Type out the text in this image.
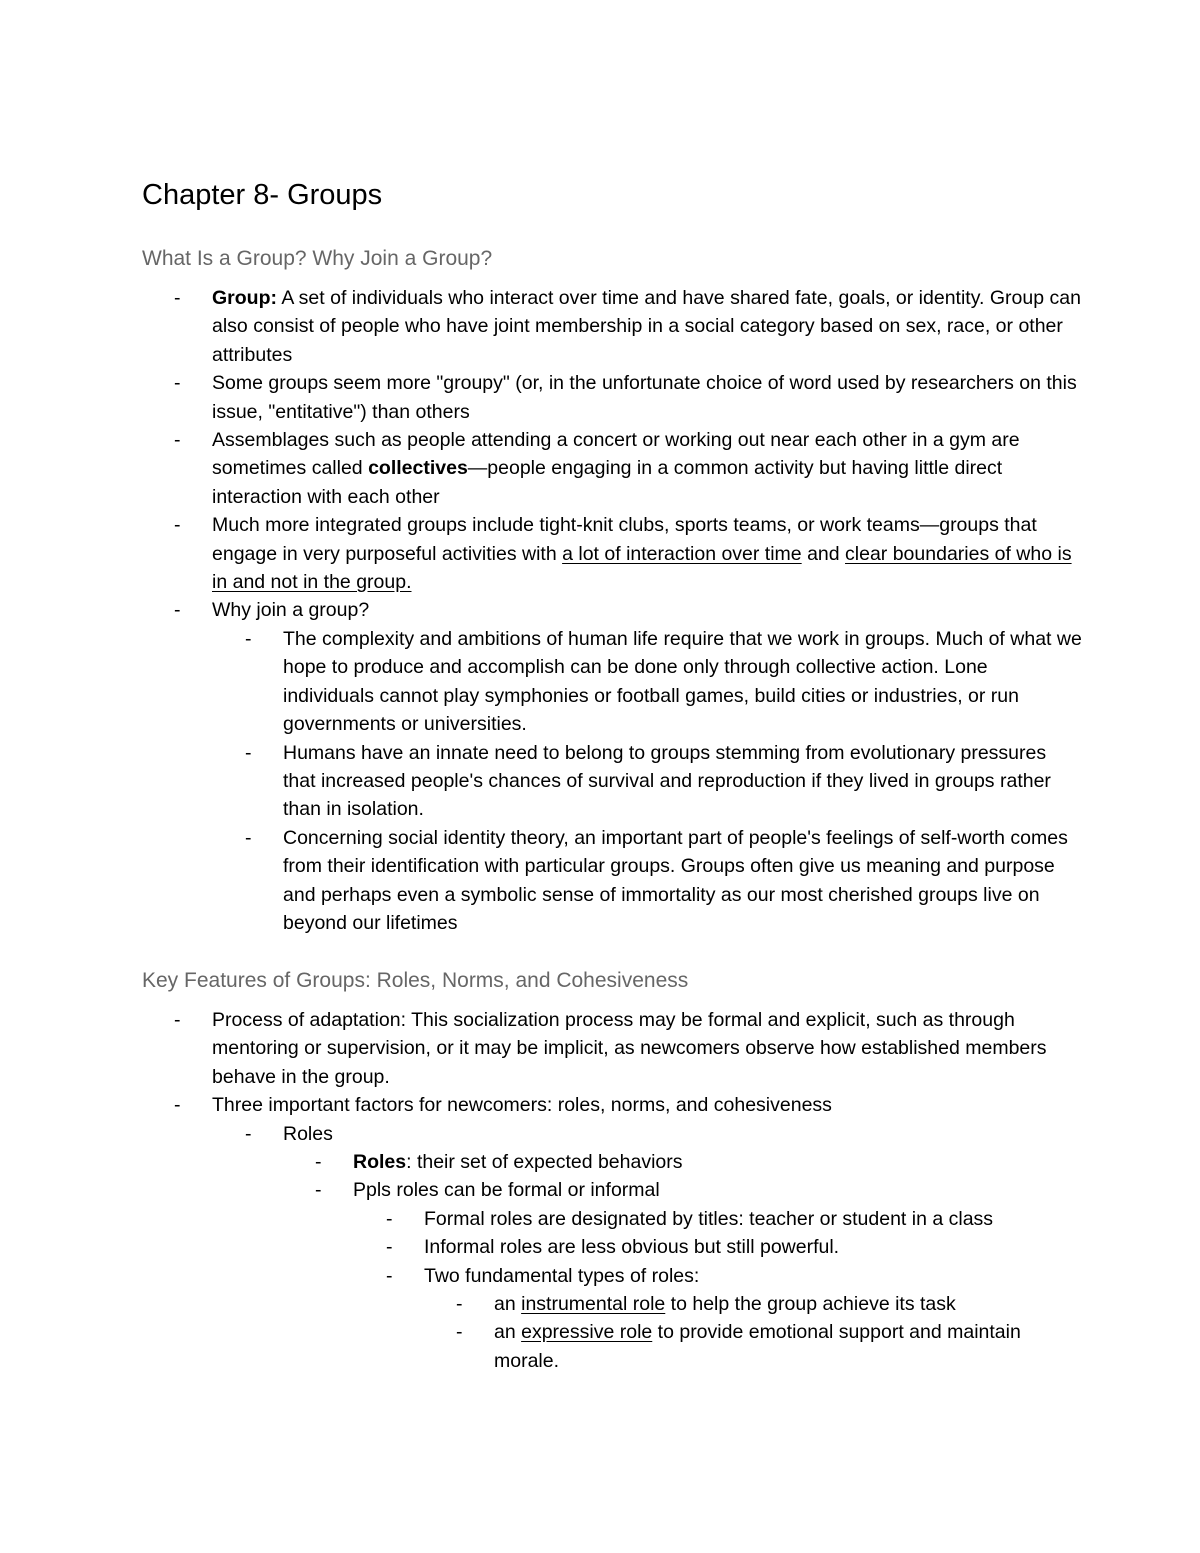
Chapter 8- Groups
What Is a Group? Why Join a Group?
-	Group: A set of individuals who interact over time and have shared fate, goals, or identity. Group can also consist of people who have joint membership in a social category based on sex, race, or other attributes
-	Some groups seem more "groupy" (or, in the unfortunate choice of word used by researchers on this issue, "entitative") than others
-	Assemblages such as people attending a concert or working out near each other in a gym are sometimes called collectives—people engaging in a common activity but having little direct interaction with each other
-	Much more integrated groups include tight-knit clubs, sports teams, or work teams—groups that engage in very purposeful activities with a lot of interaction over time and clear boundaries of who is in and not in the group.
-	Why join a group?
-	The complexity and ambitions of human life require that we work in groups. Much of what we hope to produce and accomplish can be done only through collective action. Lone individuals cannot play symphonies or football games, build cities or industries, or run governments or universities.
-	Humans have an innate need to belong to groups stemming from evolutionary pressures that increased people's chances of survival and reproduction if they lived in groups rather than in isolation.
-	Concerning social identity theory, an important part of people's feelings of self-worth comes from their identification with particular groups. Groups often give us meaning and purpose and perhaps even a symbolic sense of immortality as our most cherished groups live on beyond our lifetimes
Key Features of Groups: Roles, Norms, and Cohesiveness
-	Process of adaptation: This socialization process may be formal and explicit, such as through mentoring or supervision, or it may be implicit, as newcomers observe how established members behave in the group.
-	Three important factors for newcomers: roles, norms, and cohesiveness
-	Roles
-	Roles: their set of expected behaviors
-	Ppls roles can be formal or informal
-	Formal roles are designated by titles: teacher or student in a class
-	Informal roles are less obvious but still powerful.
-	Two fundamental types of roles:
-	an instrumental role to help the group achieve its task
-	an expressive role to provide emotional support and maintain morale.
